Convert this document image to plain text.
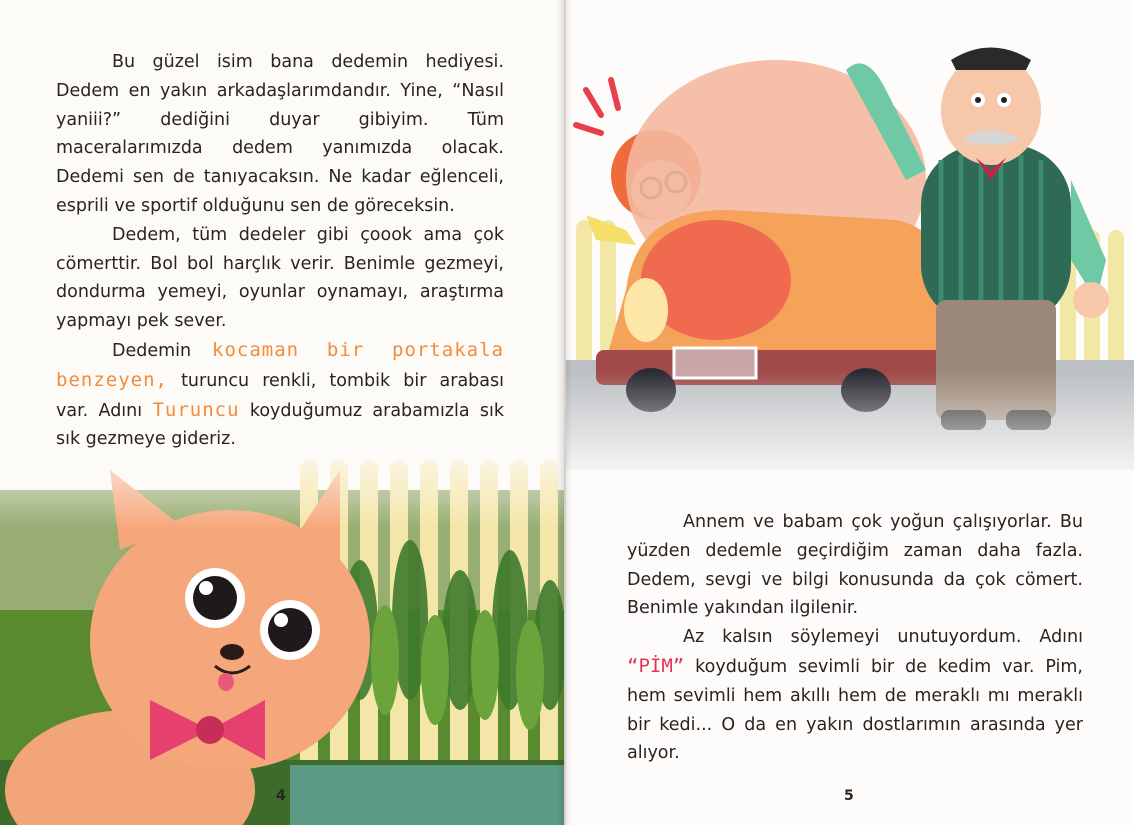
Bu güzel isim bana dedemin hediyesi. Dedem en yakın arkadaşlarımdandır. Yine, “Nasıl yaniii?” dediğini duyar gibiyim. Tüm maceralarımızda dedem yanımızda olacak. Dedemi sen de tanıyacaksın. Ne kadar eğlenceli, esprili ve sportif olduğunu sen de göreceksin.

Dedem, tüm dedeler gibi çoook ama çok cömerttir. Bol bol harçlık verir. Benimle gezmeyi, dondurma yemeyi, oyunlar oynamayı, araştırma yapmayı pek sever.

Dedemin kocaman bir portakala benzeyen, turuncu renkli, tombik bir arabası var. Adını Turuncu koyduğumuz arabamızla sık sık gezmeye gideriz.

4

Annem ve babam çok yoğun çalışıyorlar. Bu yüzden dedemle geçirdiğim zaman daha fazla. Dedem, sevgi ve bilgi konusunda da çok cömert. Benimle yakından ilgilenir.

Az kalsın söylemeyi unutuyordum. Adını “PİM” koyduğum sevimli bir de kedim var. Pim, hem sevimli hem akıllı hem de meraklı mı meraklı bir kedi... O da en yakın dostlarımın arasında yer alıyor.

5
